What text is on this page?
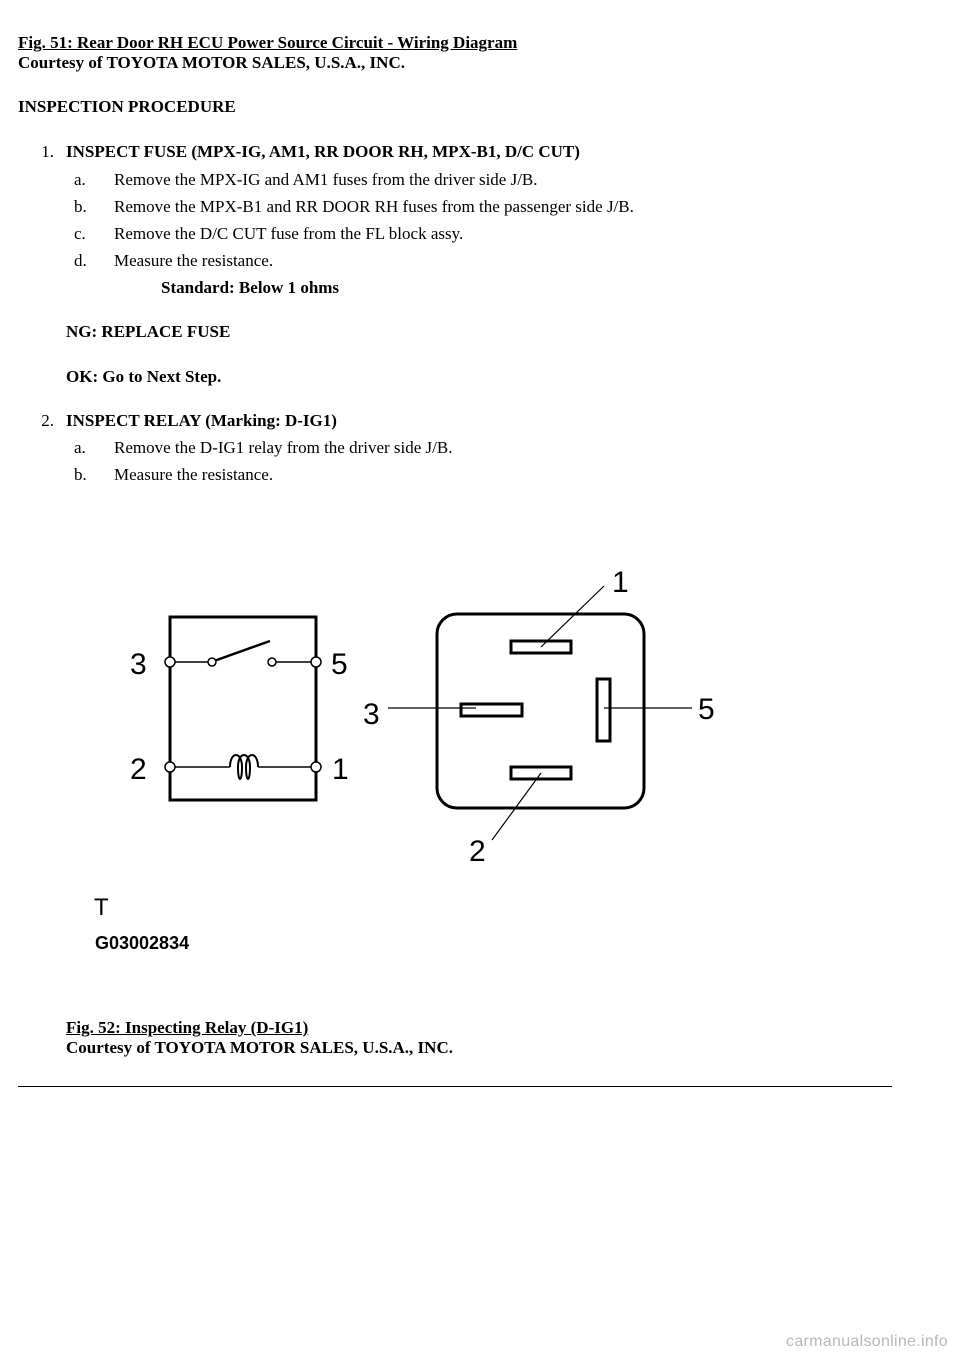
Fig. 51: Rear Door RH ECU Power Source Circuit - Wiring Diagram
Courtesy of TOYOTA MOTOR SALES, U.S.A., INC.
INSPECTION PROCEDURE
1. INSPECT FUSE (MPX-IG, AM1, RR DOOR RH, MPX-B1, D/C CUT)
a. Remove the MPX-IG and AM1 fuses from the driver side J/B.
b. Remove the MPX-B1 and RR DOOR RH fuses from the passenger side J/B.
c. Remove the D/C CUT fuse from the FL block assy.
d. Measure the resistance.
Standard: Below 1 ohms
NG: REPLACE FUSE
OK: Go to Next Step.
2. INSPECT RELAY (Marking: D-IG1)
a. Remove the D-IG1 relay from the driver side J/B.
b. Measure the resistance.
3	5
2	1
1
3	5
2
T
G03002834
Fig. 52: Inspecting Relay (D-IG1)
Courtesy of TOYOTA MOTOR SALES, U.S.A., INC.
carmanualsonline.info
